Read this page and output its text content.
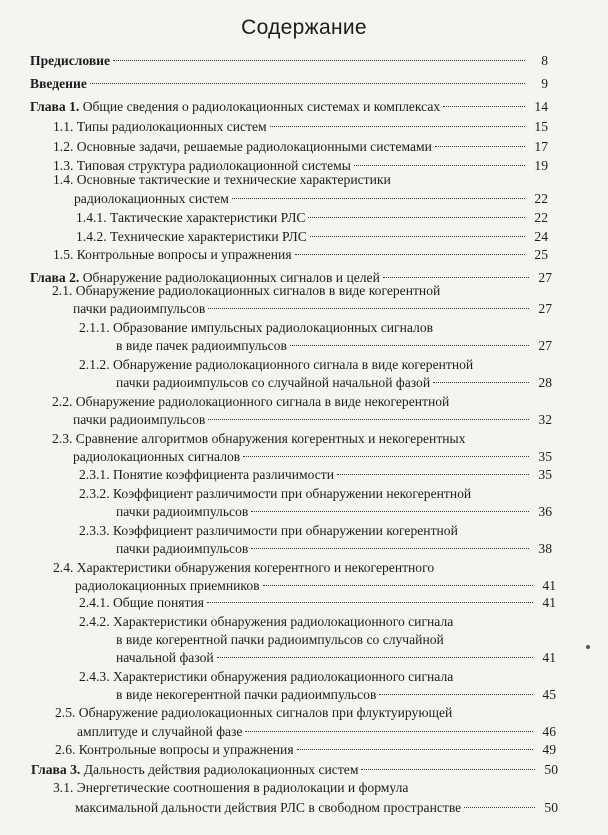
Содержание
Предисловие	8
Введение	9
Глава 1. Общие сведения о радиолокационных системах и комплексах	14
1.1. Типы радиолокационных систем	15
1.2. Основные задачи, решаемые радиолокационными системами	17
1.3. Типовая структура радиолокационной системы	19
1.4. Основные тактические и технические характеристики
радиолокационных систем	22
1.4.1. Тактические характеристики РЛС	22
1.4.2. Технические характеристики РЛС	24
1.5. Контрольные вопросы и упражнения	25
Глава 2. Обнаружение радиолокационных сигналов и целей	27
2.1. Обнаружение радиолокационных сигналов в виде когерентной
пачки радиоимпульсов	27
2.1.1. Образование импульсных радиолокационных сигналов
в виде пачек радиоимпульсов	27
2.1.2. Обнаружение радиолокационного сигнала в виде когерентной
пачки радиоимпульсов со случайной начальной фазой	28
2.2. Обнаружение радиолокационного сигнала в виде некогерентной
пачки радиоимпульсов	32
2.3. Сравнение алгоритмов обнаружения когерентных и некогерентных
радиолокационных сигналов	35
2.3.1. Понятие коэффициента различимости	35
2.3.2. Коэффициент различимости при обнаружении некогерентной
пачки радиоимпульсов	36
2.3.3. Коэффициент различимости при обнаружении когерентной
пачки радиоимпульсов	38
2.4. Характеристики обнаружения когерентного и некогерентного
радиолокационных приемников	41
2.4.1. Общие понятия	41
2.4.2. Характеристики обнаружения радиолокационного сигнала
в виде когерентной пачки радиоимпульсов со случайной
начальной фазой	41
2.4.3. Характеристики обнаружения радиолокационного сигнала
в виде некогерентной пачки радиоимпульсов	45
2.5. Обнаружение радиолокационных сигналов при флуктуирующей
амплитуде и случайной фазе	46
2.6. Контрольные вопросы и упражнения	49
Глава 3. Дальность действия радиолокационных систем	50
3.1. Энергетические соотношения в радиолокации и формула
максимальной дальности действия РЛС в свободном пространстве	50
